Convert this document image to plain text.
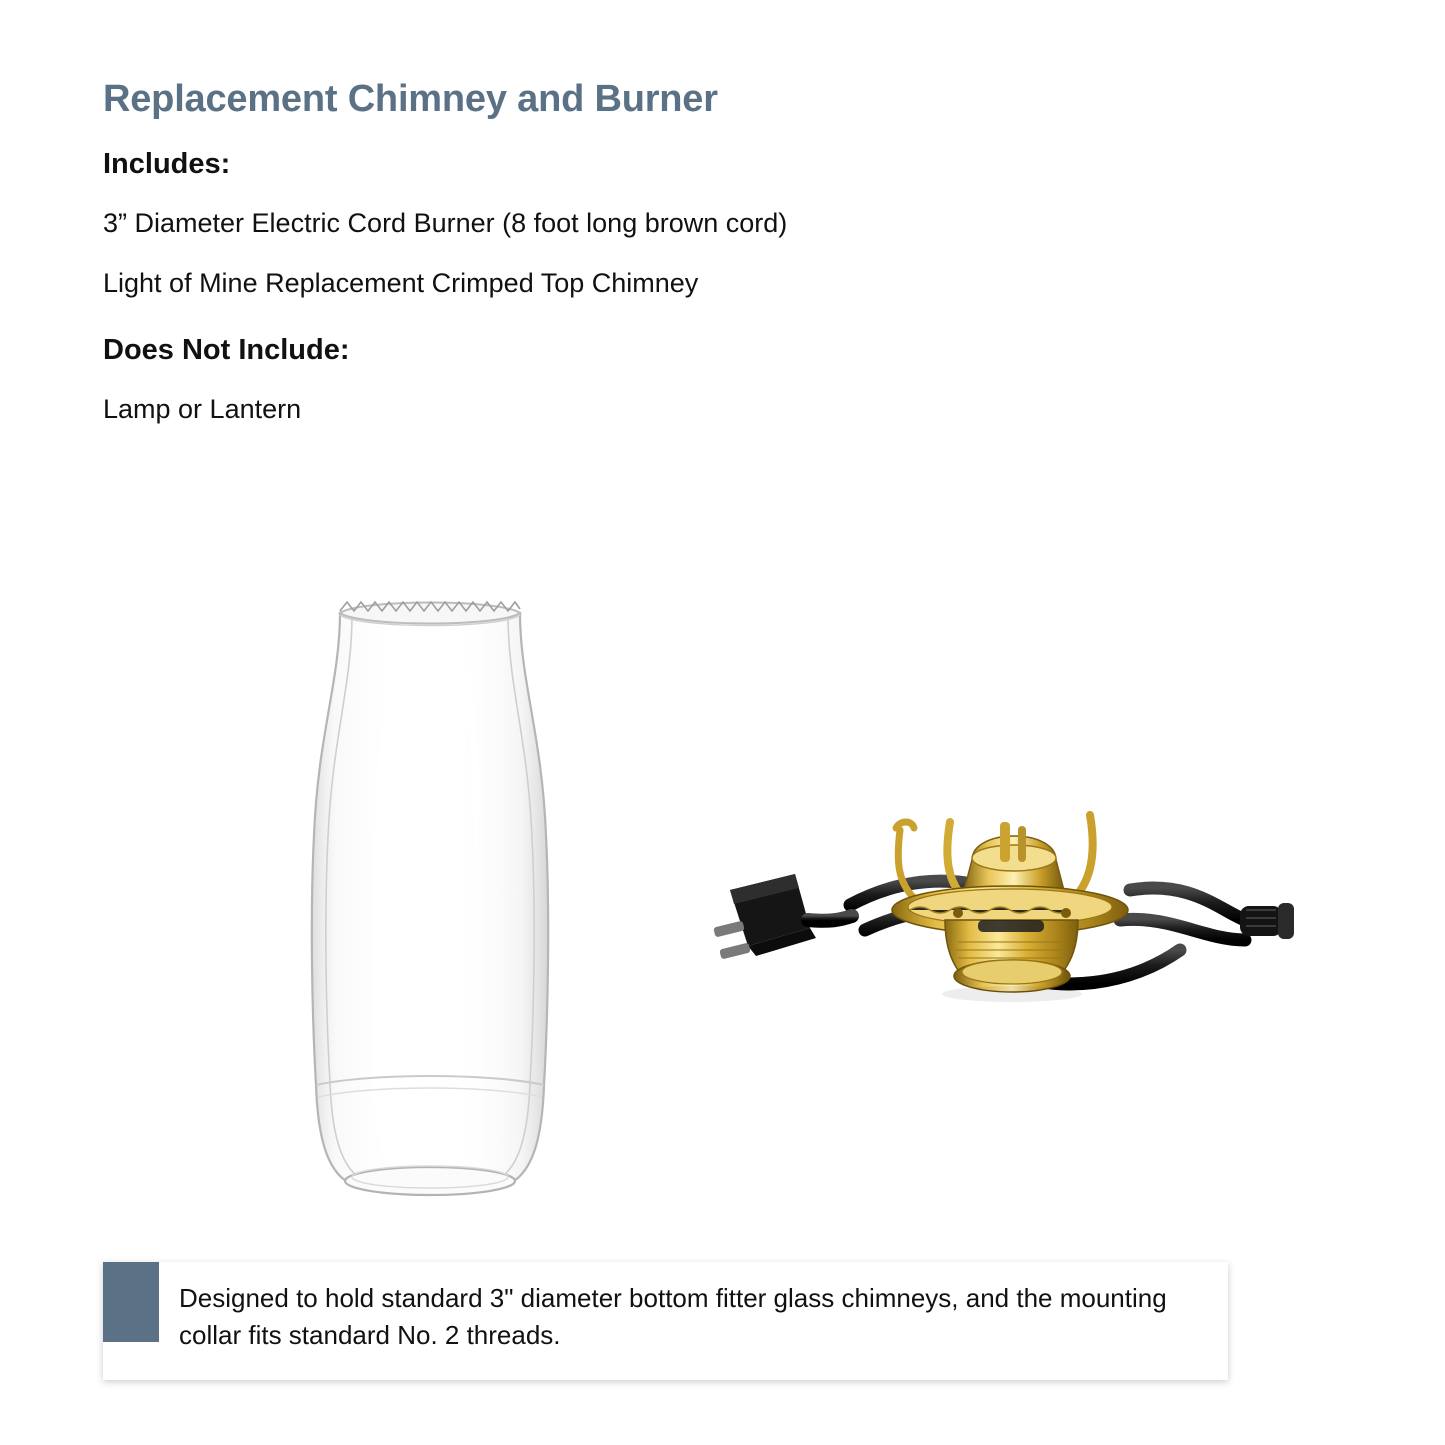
Replacement Chimney and Burner
Includes:

3” Diameter Electric Cord Burner (8 foot long brown cord)

Light of Mine Replacement Crimped Top Chimney

Does Not Include:

Lamp or Lantern

Designed to hold standard 3" diameter bottom fitter glass chimneys, and the mounting collar fits standard No. 2 threads.
